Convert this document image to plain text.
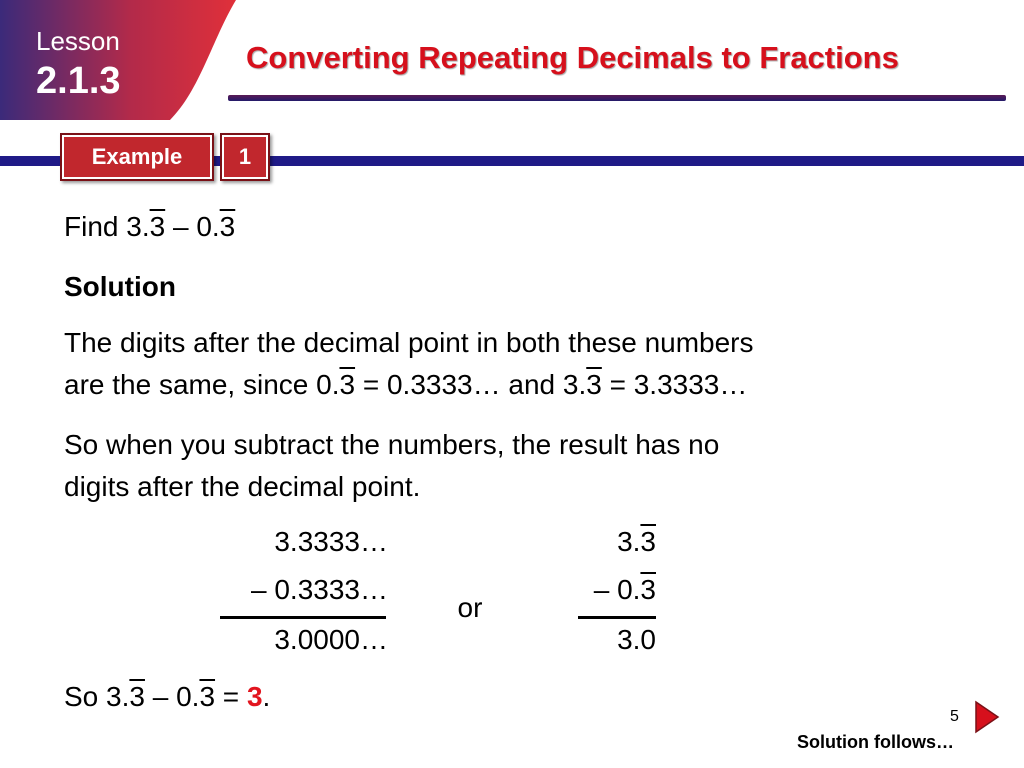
Lesson
2.1.3
Converting Repeating Decimals to Fractions
Example	1
Find 3.3 – 0.3
Solution
The digits after the decimal point in both these numbers
are the same, since 0.3 = 0.3333… and 3.3 = 3.3333…
So when you subtract the numbers, the result has no
digits after the decimal point.
3.3333…
– 0.3333…
3.0000…
or
3.3
– 0.3
3.0
So 3.3 – 0.3 = 3.
5
Solution follows…
